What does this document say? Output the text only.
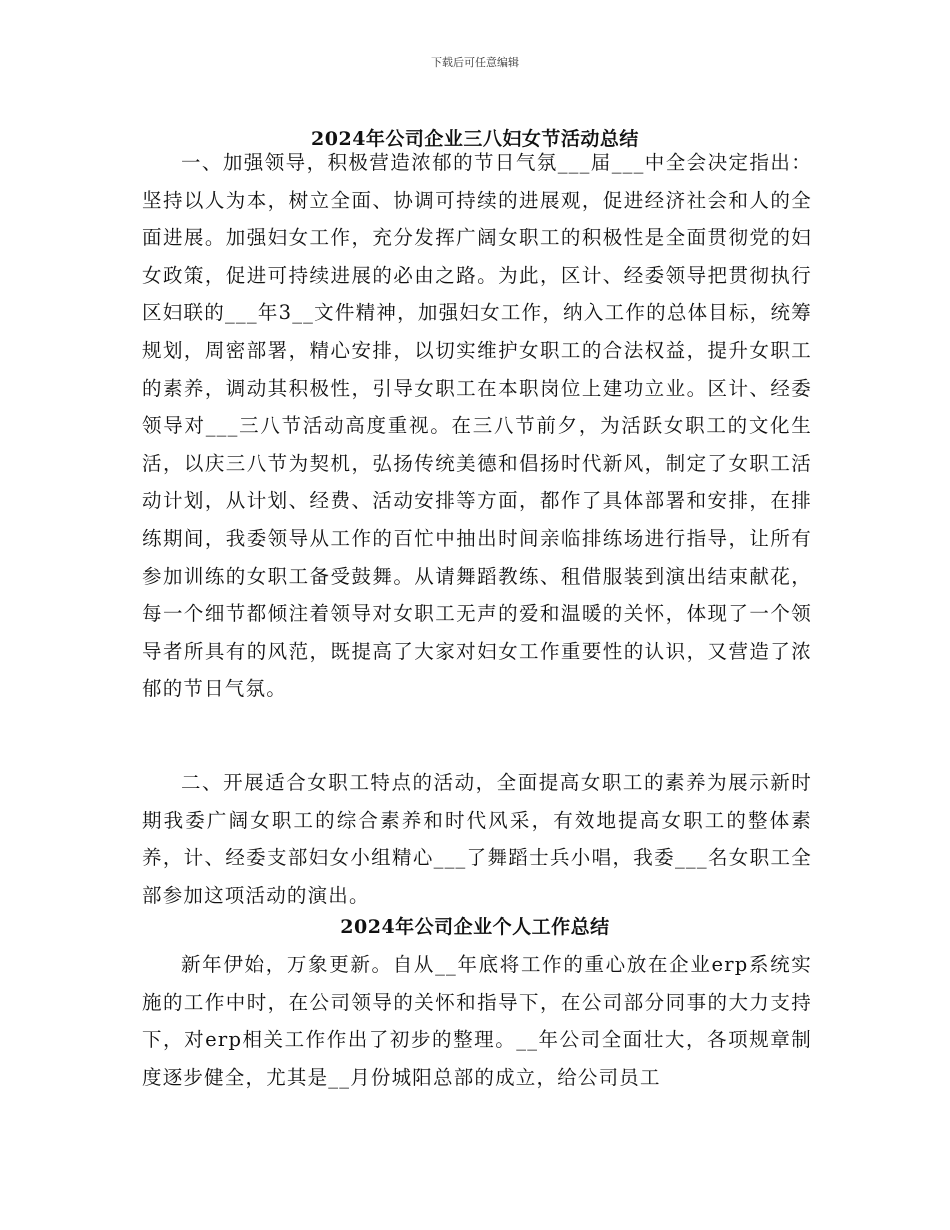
下载后可任意编辑
2024年公司企业三八妇女节活动总结

一、加强领导，积极营造浓郁的节日气氛___届___中全会决定指出：坚持以人为本，树立全面、协调可持续的进展观，促进经济社会和人的全面进展。加强妇女工作，充分发挥广阔女职工的积极性是全面贯彻党的妇女政策，促进可持续进展的必由之路。为此，区计、经委领导把贯彻执行区妇联的___年3__文件精神，加强妇女工作，纳入工作的总体目标，统筹规划，周密部署，精心安排，以切实维护女职工的合法权益，提升女职工的素养，调动其积极性，引导女职工在本职岗位上建功立业。区计、经委领导对___三八节活动高度重视。在三八节前夕，为活跃女职工的文化生活，以庆三八节为契机，弘扬传统美德和倡扬时代新风，制定了女职工活动计划，从计划、经费、活动安排等方面，都作了具体部署和安排，在排练期间，我委领导从工作的百忙中抽出时间亲临排练场进行指导，让所有参加训练的女职工备受鼓舞。从请舞蹈教练、租借服装到演出结束献花，每一个细节都倾注着领导对女职工无声的爱和温暖的关怀，体现了一个领导者所具有的风范，既提高了大家对妇女工作重要性的认识，又营造了浓郁的节日气氛。

二、开展适合女职工特点的活动，全面提高女职工的素养为展示新时期我委广阔女职工的综合素养和时代风采，有效地提高女职工的整体素养，计、经委支部妇女小组精心___了舞蹈士兵小唱，我委___名女职工全部参加这项活动的演出。

2024年公司企业个人工作总结

新年伊始，万象更新。自从__年底将工作的重心放在企业erp系统实施的工作中时，在公司领导的关怀和指导下，在公司部分同事的大力支持下，对erp相关工作作出了初步的整理。__年公司全面壮大，各项规章制度逐步健全，尤其是__月份城阳总部的成立，给公司员工
